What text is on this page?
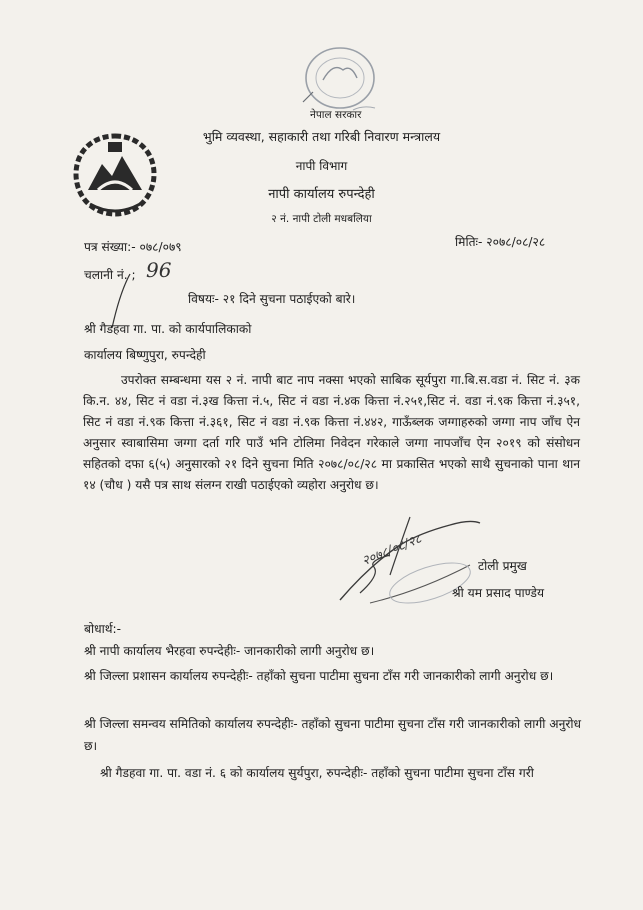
नेपाल सरकार
भुमि व्यवस्था, सहाकारी तथा गरिबी निवारण मन्त्रालय
नापी विभाग
नापी कार्यालय रुपन्देही
२ नं. नापी टोली मधबलिया
पत्र संख्या:- ०७८/०७९	मितिः- २०७८/०८/२८
चलानी नं. ; 96
विषयः- २१ दिने सुचना पठाईएको बारे।
श्री गैडहवा गा. पा. को कार्यपालिकाको
कार्यालय बिष्णुपुरा, रुपन्देही
उपरोक्त सम्बन्धमा यस २ नं. नापी बाट नाप नक्सा भएको साबिक सूर्यपुरा गा.बि.स.वडा नं. सिट नं. ३क कि.न. ४४, सिट नं वडा नं.३ख कित्ता नं.५, सिट नं वडा नं.४क कित्ता नं.२५१,सिट नं. वडा नं.९क कित्ता नं.३५१, सिट नं वडा नं.९क कित्ता नं.३६१, सिट नं वडा नं.९क कित्ता नं.४४२, गाऊँब्लक जग्गाहरुको जग्गा नाप जाँच ऐन अनुसार स्वाबासिमा जग्गा दर्ता गरि पाउँ भनि टोलिमा निवेदन गरेकाले जग्गा नापजाँच ऐन २०१९ को संसोधन सहितको दफा ६(५) अनुसारको २१ दिने सुचना मिति २०७८/०८/२८ मा प्रकासित भएको साथै सुचनाको पाना थान १४ (चौध ) यसै पत्र साथ संलग्न राखी पठाईएको व्यहोरा अनुरोध छ।
२०७८/०८/२८	टोली प्रमुख
श्री यम प्रसाद पाण्डेय
बोधार्थ:-
श्री नापी कार्यालय भैरहवा रुपन्देहीः- जानकारीको लागी अनुरोध छ।
श्री जिल्ला प्रशासन कार्यालय रुपन्देहीः- तहाँको सुचना पाटीमा सुचना टाँस गरी जानकारीको लागी अनुरोध छ।
श्री जिल्ला समन्वय समितिको कार्यालय रुपन्देहीः- तहाँको सुचना पाटीमा सुचना टाँस गरी जानकारीको लागी अनुरोध छ।
श्री गैडहवा गा. पा. वडा नं. ६ को कार्यालय सुर्यपुरा, रुपन्देहीः- तहाँको सुचना पाटीमा सुचना टाँस गरी
